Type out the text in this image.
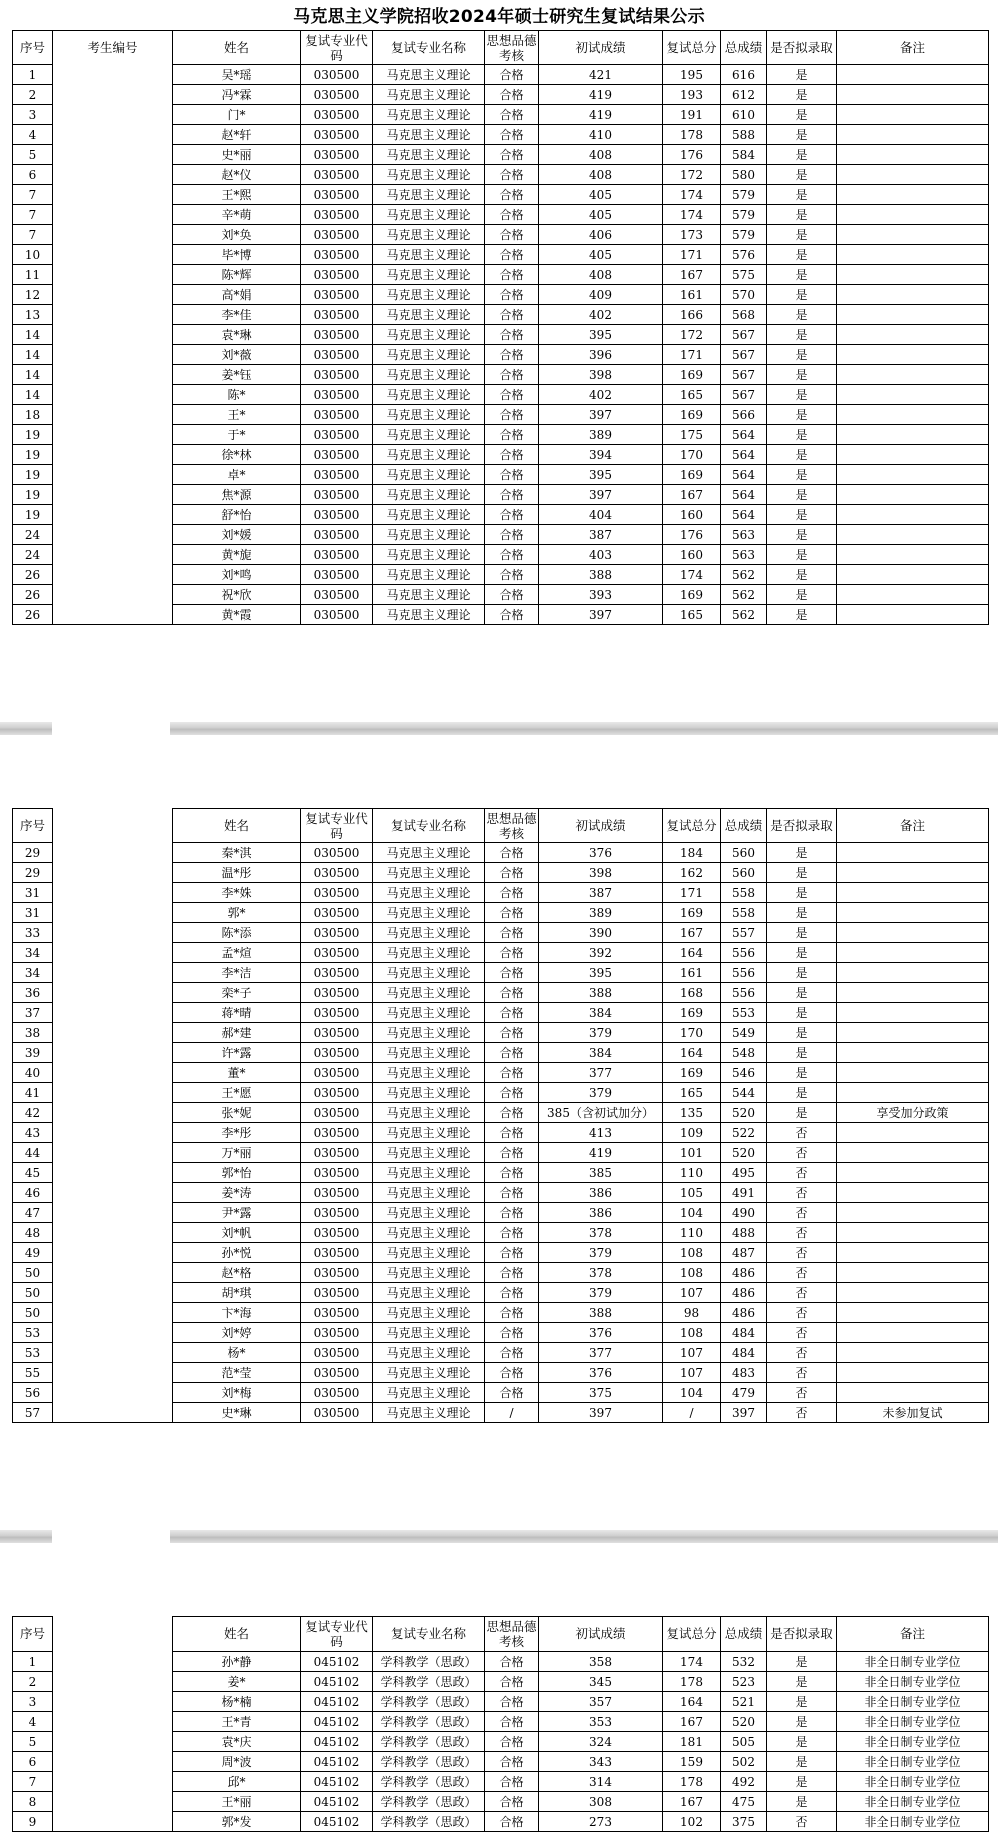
马克思主义学院招收2024年硕士研究生复试结果公示
序号	考生编号	姓名	复试专业代码	复试专业名称	思想品德考核	初试成绩	复试总分	总成绩	是否拟录取	备注
1		吴*瑶	030500	马克思主义理论	合格	421	195	616	是	
2		冯*霖	030500	马克思主义理论	合格	419	193	612	是	
3		门*	030500	马克思主义理论	合格	419	191	610	是	
4		赵*轩	030500	马克思主义理论	合格	410	178	588	是	
5		史*丽	030500	马克思主义理论	合格	408	176	584	是	
6		赵*仪	030500	马克思主义理论	合格	408	172	580	是	
7		王*熙	030500	马克思主义理论	合格	405	174	579	是	
7		辛*萌	030500	马克思主义理论	合格	405	174	579	是	
7		刘*奂	030500	马克思主义理论	合格	406	173	579	是	
10		毕*博	030500	马克思主义理论	合格	405	171	576	是	
11		陈*辉	030500	马克思主义理论	合格	408	167	575	是	
12		高*娟	030500	马克思主义理论	合格	409	161	570	是	
13		李*佳	030500	马克思主义理论	合格	402	166	568	是	
14		袁*琳	030500	马克思主义理论	合格	395	172	567	是	
14		刘*薇	030500	马克思主义理论	合格	396	171	567	是	
14		姜*钰	030500	马克思主义理论	合格	398	169	567	是	
14		陈*	030500	马克思主义理论	合格	402	165	567	是	
18		王*	030500	马克思主义理论	合格	397	169	566	是	
19		于*	030500	马克思主义理论	合格	389	175	564	是	
19		徐*林	030500	马克思主义理论	合格	394	170	564	是	
19		卓*	030500	马克思主义理论	合格	395	169	564	是	
19		焦*源	030500	马克思主义理论	合格	397	167	564	是	
19		舒*怡	030500	马克思主义理论	合格	404	160	564	是	
24		刘*媛	030500	马克思主义理论	合格	387	176	563	是	
24		黄*旎	030500	马克思主义理论	合格	403	160	563	是	
26		刘*鸣	030500	马克思主义理论	合格	388	174	562	是	
26		祝*欣	030500	马克思主义理论	合格	393	169	562	是	
26		黄*霞	030500	马克思主义理论	合格	397	165	562	是	
序号		姓名	复试专业代码	复试专业名称	思想品德考核	初试成绩	复试总分	总成绩	是否拟录取	备注
29		秦*淇	030500	马克思主义理论	合格	376	184	560	是	
29		温*彤	030500	马克思主义理论	合格	398	162	560	是	
31		李*姝	030500	马克思主义理论	合格	387	171	558	是	
31		郭*	030500	马克思主义理论	合格	389	169	558	是	
33		陈*添	030500	马克思主义理论	合格	390	167	557	是	
34		孟*煊	030500	马克思主义理论	合格	392	164	556	是	
34		李*洁	030500	马克思主义理论	合格	395	161	556	是	
36		栾*子	030500	马克思主义理论	合格	388	168	556	是	
37		蒋*晴	030500	马克思主义理论	合格	384	169	553	是	
38		郝*建	030500	马克思主义理论	合格	379	170	549	是	
39		许*露	030500	马克思主义理论	合格	384	164	548	是	
40		董*	030500	马克思主义理论	合格	377	169	546	是	
41		王*愿	030500	马克思主义理论	合格	379	165	544	是	
42		张*妮	030500	马克思主义理论	合格	385（含初试加分）	135	520	是	享受加分政策
43		李*彤	030500	马克思主义理论	合格	413	109	522	否	
44		万*丽	030500	马克思主义理论	合格	419	101	520	否	
45		郭*怡	030500	马克思主义理论	合格	385	110	495	否	
46		姜*涛	030500	马克思主义理论	合格	386	105	491	否	
47		尹*露	030500	马克思主义理论	合格	386	104	490	否	
48		刘*帆	030500	马克思主义理论	合格	378	110	488	否	
49		孙*悦	030500	马克思主义理论	合格	379	108	487	否	
50		赵*格	030500	马克思主义理论	合格	378	108	486	否	
50		胡*琪	030500	马克思主义理论	合格	379	107	486	否	
50		卞*海	030500	马克思主义理论	合格	388	98	486	否	
53		刘*婷	030500	马克思主义理论	合格	376	108	484	否	
53		杨*	030500	马克思主义理论	合格	377	107	484	否	
55		范*莹	030500	马克思主义理论	合格	376	107	483	否	
56		刘*梅	030500	马克思主义理论	合格	375	104	479	否	
57		史*琳	030500	马克思主义理论	/	397	/	397	否	未参加复试
序号		姓名	复试专业代码	复试专业名称	思想品德考核	初试成绩	复试总分	总成绩	是否拟录取	备注
1		孙*静	045102	学科教学（思政）	合格	358	174	532	是	非全日制专业学位
2		姜*	045102	学科教学（思政）	合格	345	178	523	是	非全日制专业学位
3		杨*楠	045102	学科教学（思政）	合格	357	164	521	是	非全日制专业学位
4		王*青	045102	学科教学（思政）	合格	353	167	520	是	非全日制专业学位
5		袁*庆	045102	学科教学（思政）	合格	324	181	505	是	非全日制专业学位
6		周*波	045102	学科教学（思政）	合格	343	159	502	是	非全日制专业学位
7		邱*	045102	学科教学（思政）	合格	314	178	492	是	非全日制专业学位
8		王*丽	045102	学科教学（思政）	合格	308	167	475	是	非全日制专业学位
9		郭*发	045102	学科教学（思政）	合格	273	102	375	否	非全日制专业学位
